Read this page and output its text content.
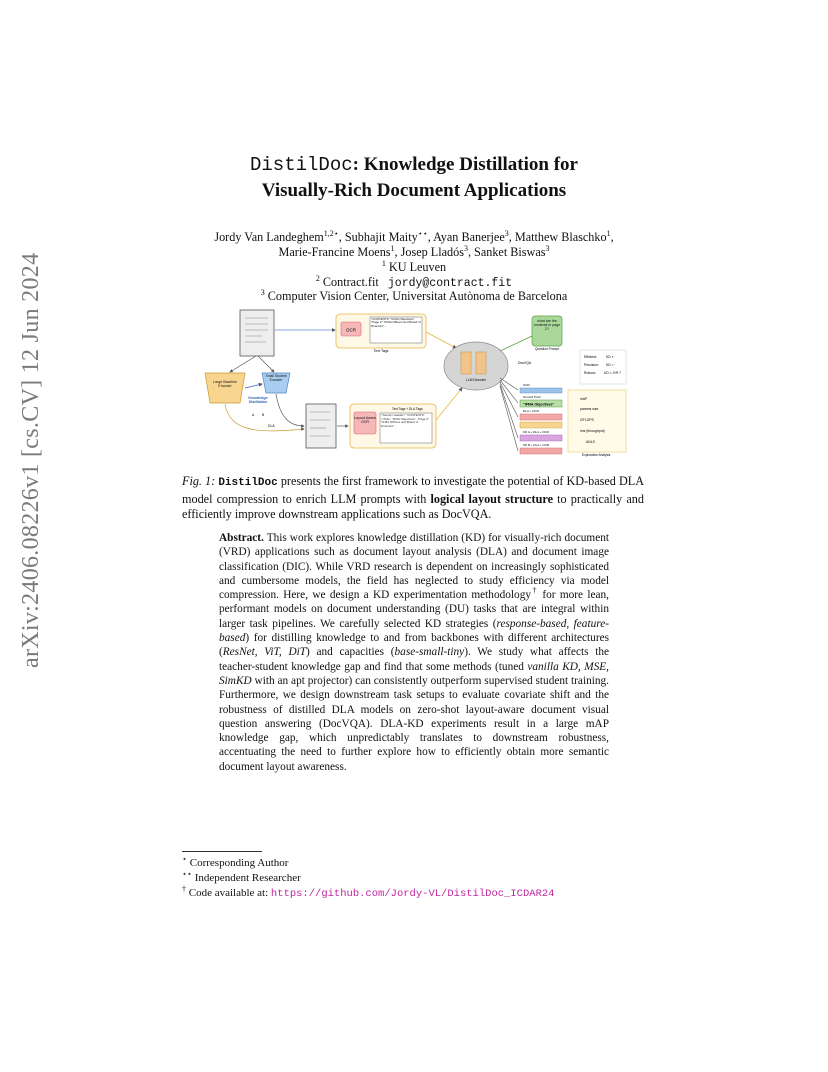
arXiv:2406.08226v1 [cs.CV] 12 Jun 2024
DistilDoc: Knowledge Distillation for
Visually-Rich Document Applications
Jordy Van Landeghem$^{1,2⋆}$, Subhajit Maity⋆⋆, Ayan Banerjee$^3$, Matthew Blaschko$^1$,
Marie-Francine Moens$^1$, Josep Lladós$^3$, Sanket Biswas$^3$
$^1$ KU Leuven
$^2$ Contract.fit jordy@contract.fit
$^3$ Computer Vision Center, Universitat Autònoma de Barcelona
OCR
"CONTENTS" "IFMA Objectives" "Page 2" "IFMA Officers and Board of Directors"...
Text Tags
what are the contents in page 2?
Question Prompt
LLM Decoder
DocVQA
Efficient:	KD ×
Precision: KD ≈
Robust: KD ≈, KR ?
Large Baseline Encoder
Small Student Encoder
Knowledge Distillation
A B
DLA
Layout Aware OCR
Text Tags + DLA Tags
<Section Header> "CONTENTS" </Title> "IFMA Objectives", "Page 2" "IFMA Officers and Board of Directors"...
OCR
Ground Truth
"IFMA Objectives"
DLA + OCR
KD A + DLA + OCR
KD B + DLA + OCR
mAP
params size
GFLOPS
ims (throughput)
ANLS
Explorative Analysis
Fig. 1: DistilDoc presents the first framework to investigate the potential of KD-based DLA model compression to enrich LLM prompts with logical layout structure to practically and efficiently improve downstream applications such as DocVQA.
Abstract. This work explores knowledge distillation (KD) for visually-rich document (VRD) applications such as document layout analysis (DLA) and document image classification (DIC). While VRD research is dependent on increasingly sophisticated and cumbersome models, the field has neglected to study efficiency via model compression. Here, we design a KD experimentation methodology† for more lean, performant models on document understanding (DU) tasks that are integral within larger task pipelines. We carefully selected KD strategies (response-based, feature-based) for distilling knowledge to and from backbones with different architectures (ResNet, ViT, DiT) and capacities (base-small-tiny). We study what affects the teacher-student knowledge gap and find that some methods (tuned vanilla KD, MSE, SimKD with an apt projector) can consistently outperform supervised student training. Furthermore, we design downstream task setups to evaluate covariate shift and the robustness of distilled DLA models on zero-shot layout-aware document visual question answering (DocVQA). DLA-KD experiments result in a large mAP knowledge gap, which unpredictably translates to downstream robustness, accentuating the need to further explore how to efficiently obtain more semantic document layout awareness.
⋆ Corresponding Author
⋆⋆ Independent Researcher
† Code available at: https://github.com/Jordy-VL/DistilDoc_ICDAR24
